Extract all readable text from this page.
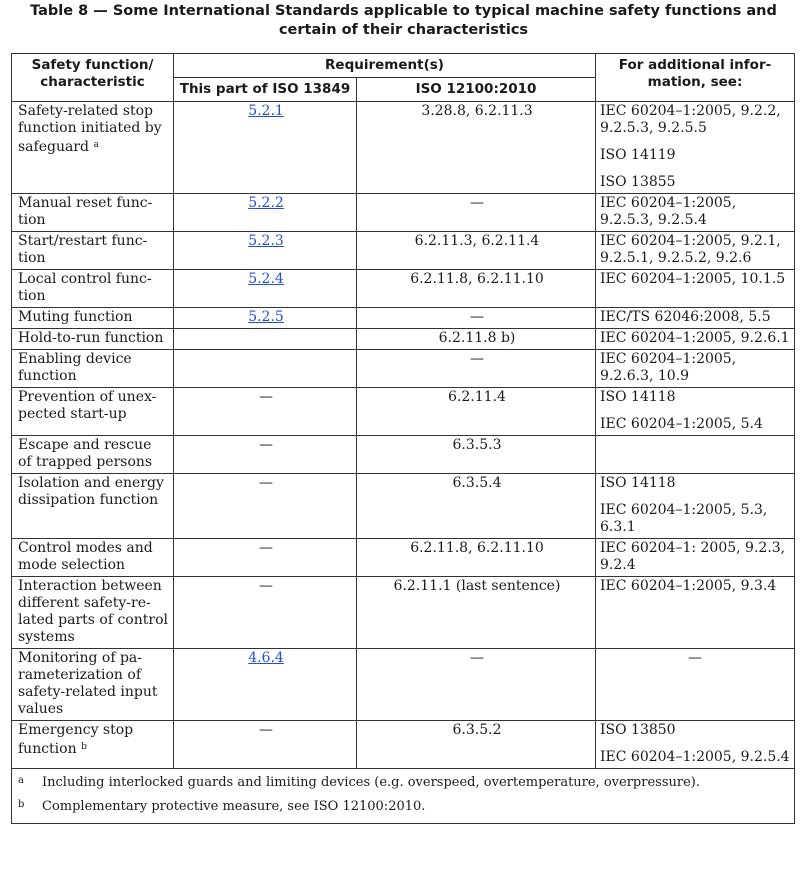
Table 8 — Some International Standards applicable to typical machine safety functions and
certain of their characteristics
Safety function/ characteristic	Requirement(s)		For additional infor- mation, see:
	This part of ISO 13849	ISO 12100:2010	
Safety-related stop function initiated by safeguard $^a$	5.2.1	3.28.8, 6.2.11.3	IEC 60204–1:2005, 9.2.2, 9.2.5.3, 9.2.5.5
ISO 14119
ISO 13855

Manual reset func- tion	5.2.2	—	IEC 60204–1:2005, 9.2.5.3, 9.2.5.4

Start/restart func- tion	5.2.3	6.2.11.3, 6.2.11.4	IEC 60204–1:2005, 9.2.1, 9.2.5.1, 9.2.5.2, 9.2.6

Local control func- tion	5.2.4	6.2.11.8, 6.2.11.10	IEC 60204–1:2005, 10.1.5

Muting function	5.2.5	—	IEC/TS 62046:2008, 5.5

Hold-to-run function		6.2.11.8 b)	IEC 60204–1:2005, 9.2.6.1

Enabling device function		—	IEC 60204–1:2005, 9.2.6.3, 10.9

Prevention of unex- pected start-up	—	6.2.11.4	ISO 14118
IEC 60204–1:2005, 5.4

Escape and rescue of trapped persons	—	6.3.5.3	
Isolation and energy dissipation function	—	6.3.5.4	ISO 14118
IEC 60204–1:2005, 5.3, 6.3.1

Control modes and mode selection	—	6.2.11.8, 6.2.11.10	IEC 60204–1: 2005, 9.2.3, 9.2.4

Interaction between different safety-re- lated parts of control systems	—	6.2.11.1 (last sentence)	IEC 60204–1:2005, 9.3.4

Monitoring of pa- rameterization of safety-related input values	4.6.4	—	—

Emergency stop function $^b$	—	6.3.5.2	ISO 13850
IEC 60204–1:2005, 9.2.5.4

a Including interlocked guards and limiting devices (e.g. overspeed, overtemperature, overpressure).
b Complementary protective measure, see ISO 12100:2010.			
